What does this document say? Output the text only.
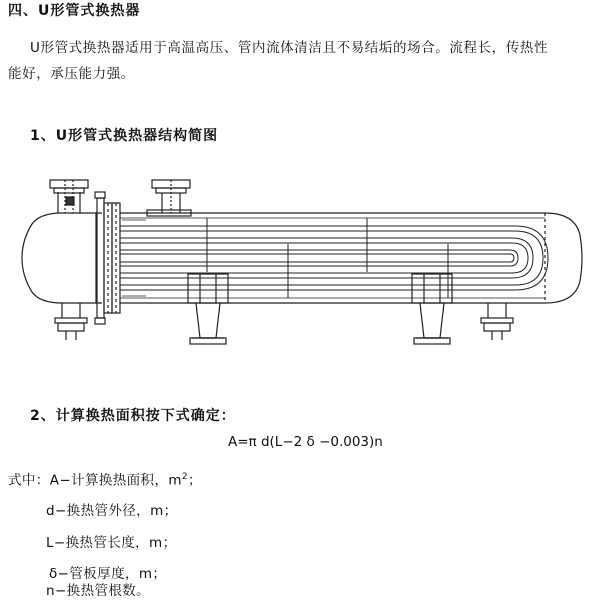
四、U形管式换热器
U形管式换热器适用于高温高压、管内流体清洁且不易结垢的场合。流程长，传热性
能好，承压能力强。
1、U形管式换热器结构简图
2、计算换热面积按下式确定：
A=π d(L−2 δ −0.003)n
式中：A−计算换热面积，$m^2$；
d−换热管外径，m；
L−换热管长度，m；
δ−管板厚度，m；
n−换热管根数。
